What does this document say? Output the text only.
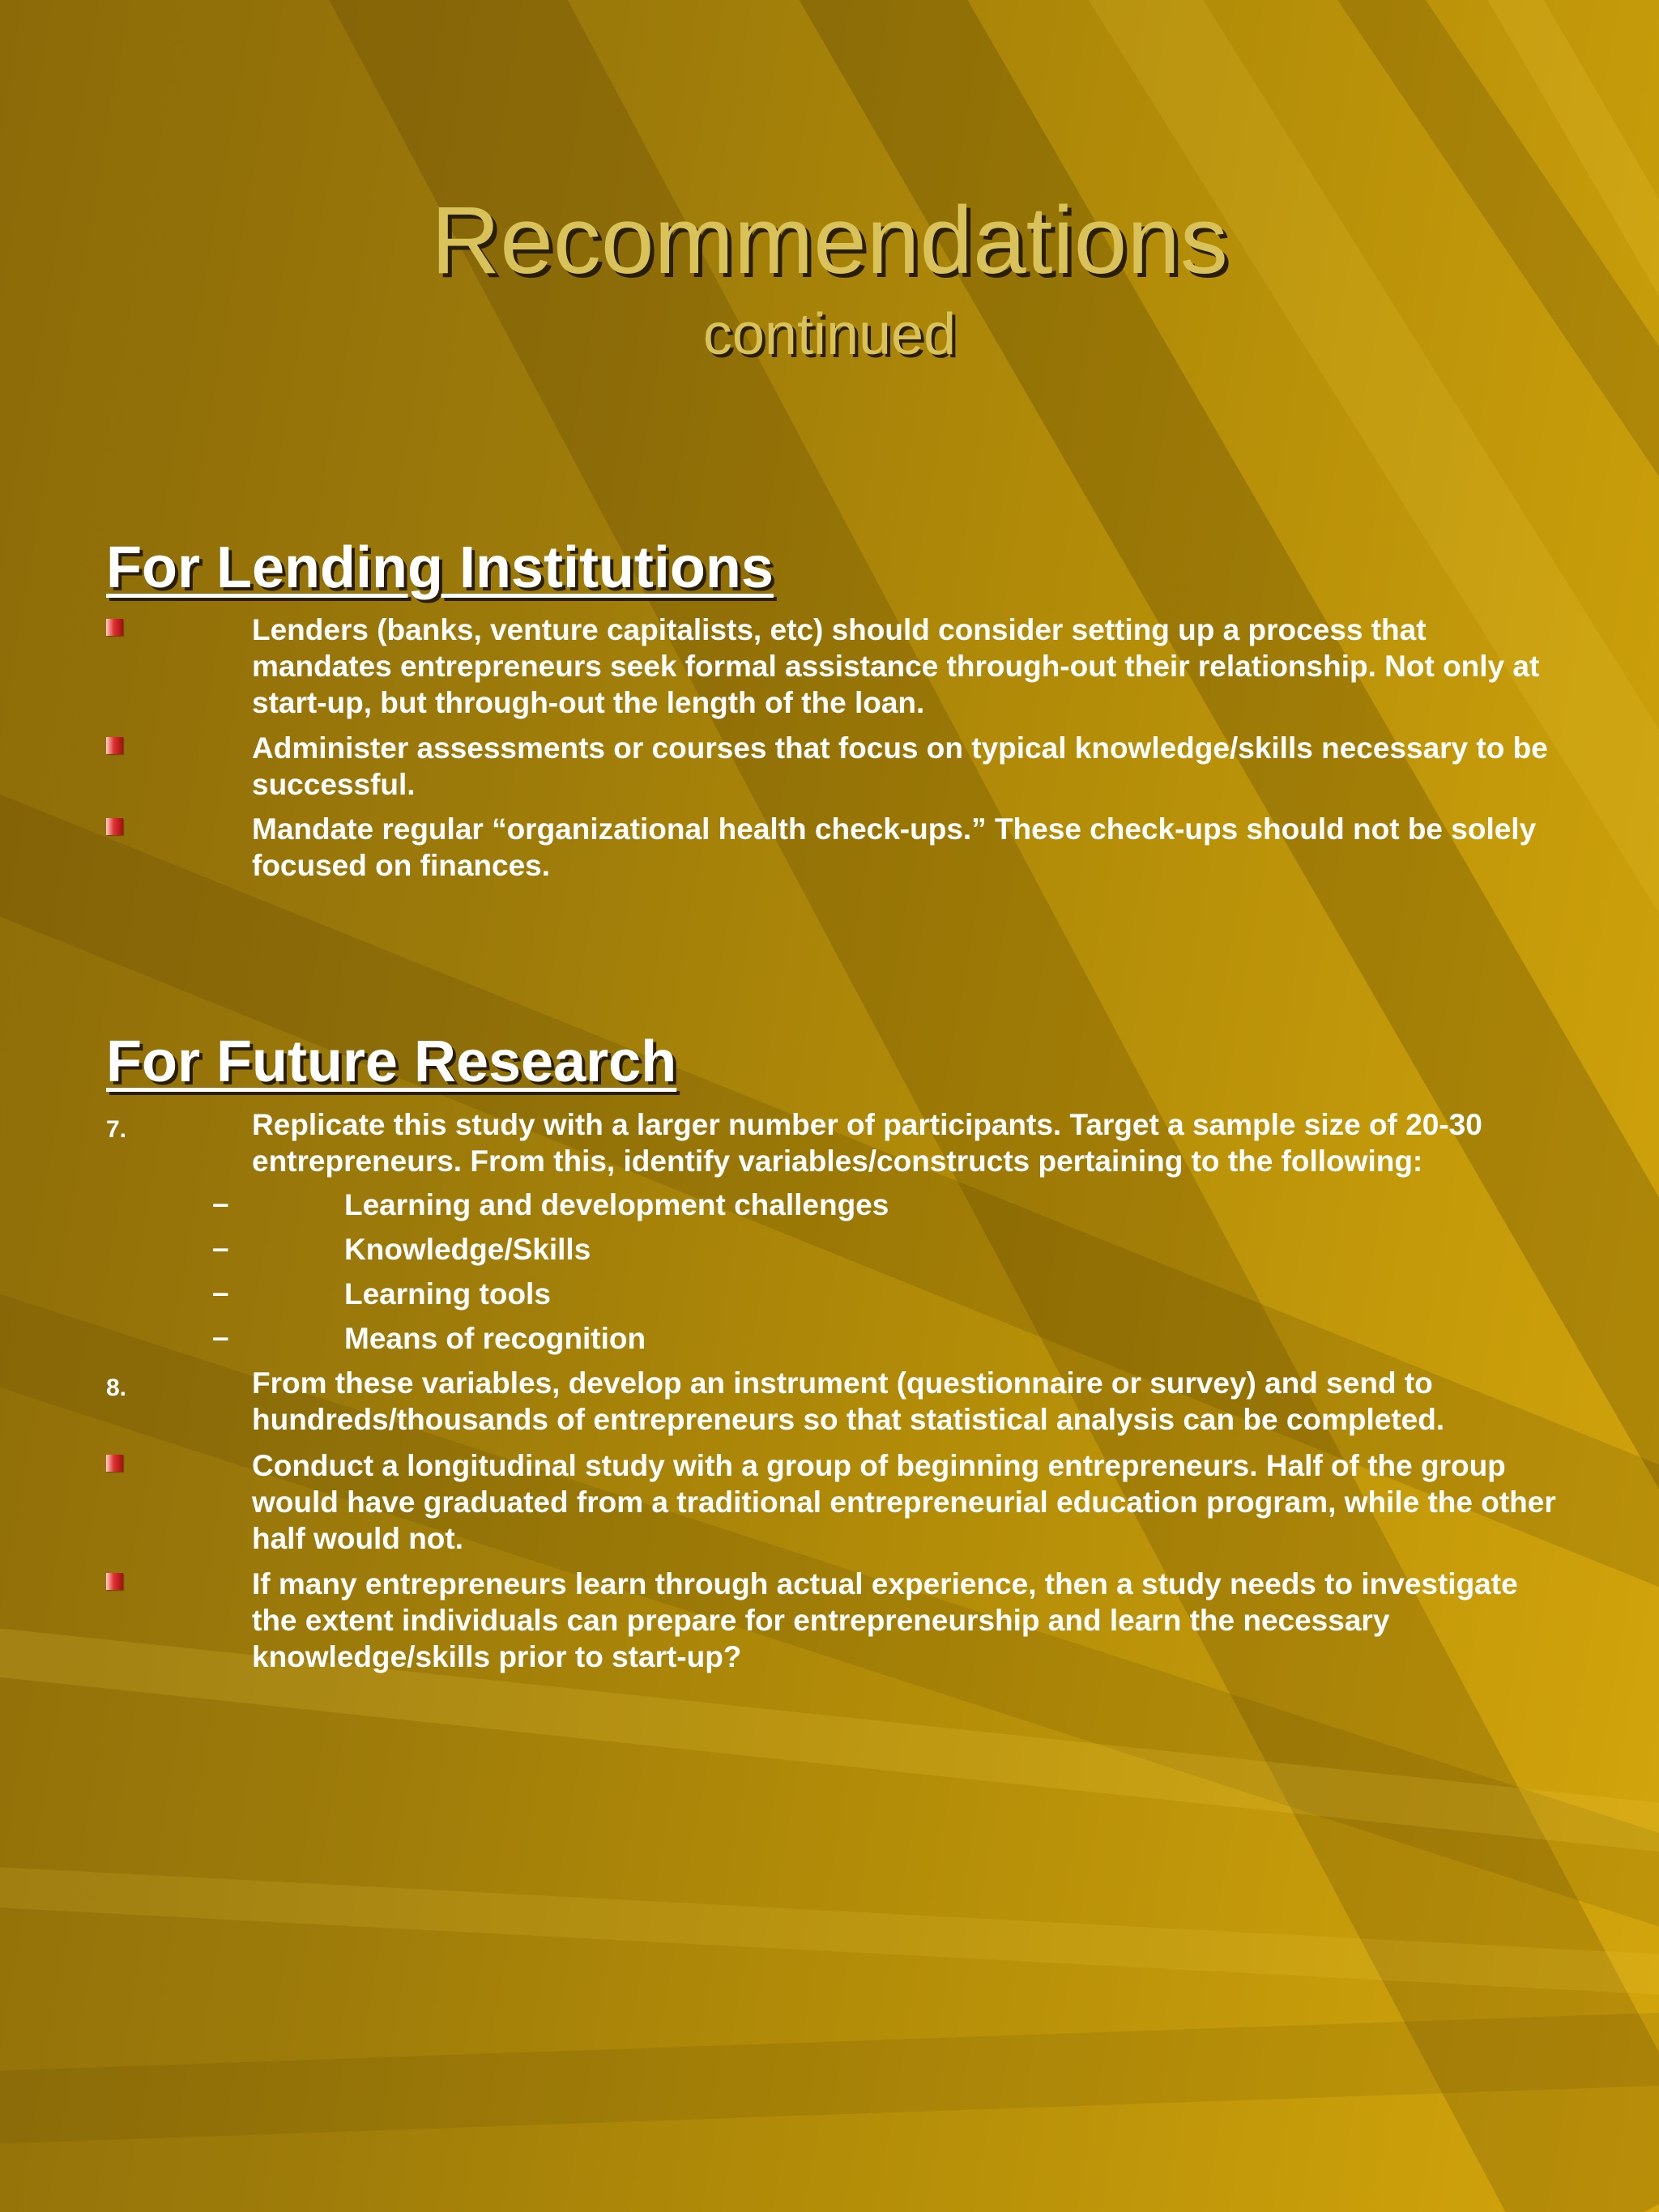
Recommendations
continued
For Lending Institutions
Lenders (banks, venture capitalists, etc) should consider setting up a process that mandates entrepreneurs seek formal assistance through-out their relationship. Not only at start-up, but through-out the length of the loan.
Administer assessments or courses that focus on typical knowledge/skills necessary to be successful.
Mandate regular “organizational health check-ups.” These check-ups should not be solely focused on finances.
For Future Research
7.	Replicate this study with a larger number of participants. Target a sample size of 20-30 entrepreneurs. From this, identify variables/constructs pertaining to the following:
–	Learning and development challenges
–	Knowledge/Skills
–	Learning tools
–	Means of recognition
8.	From these variables, develop an instrument (questionnaire or survey) and send to hundreds/thousands of entrepreneurs so that statistical analysis can be completed.
Conduct a longitudinal study with a group of beginning entrepreneurs. Half of the group would have graduated from a traditional entrepreneurial education program, while the other half would not.
If many entrepreneurs learn through actual experience, then a study needs to investigate the extent individuals can prepare for entrepreneurship and learn the necessary knowledge/skills prior to start-up?
